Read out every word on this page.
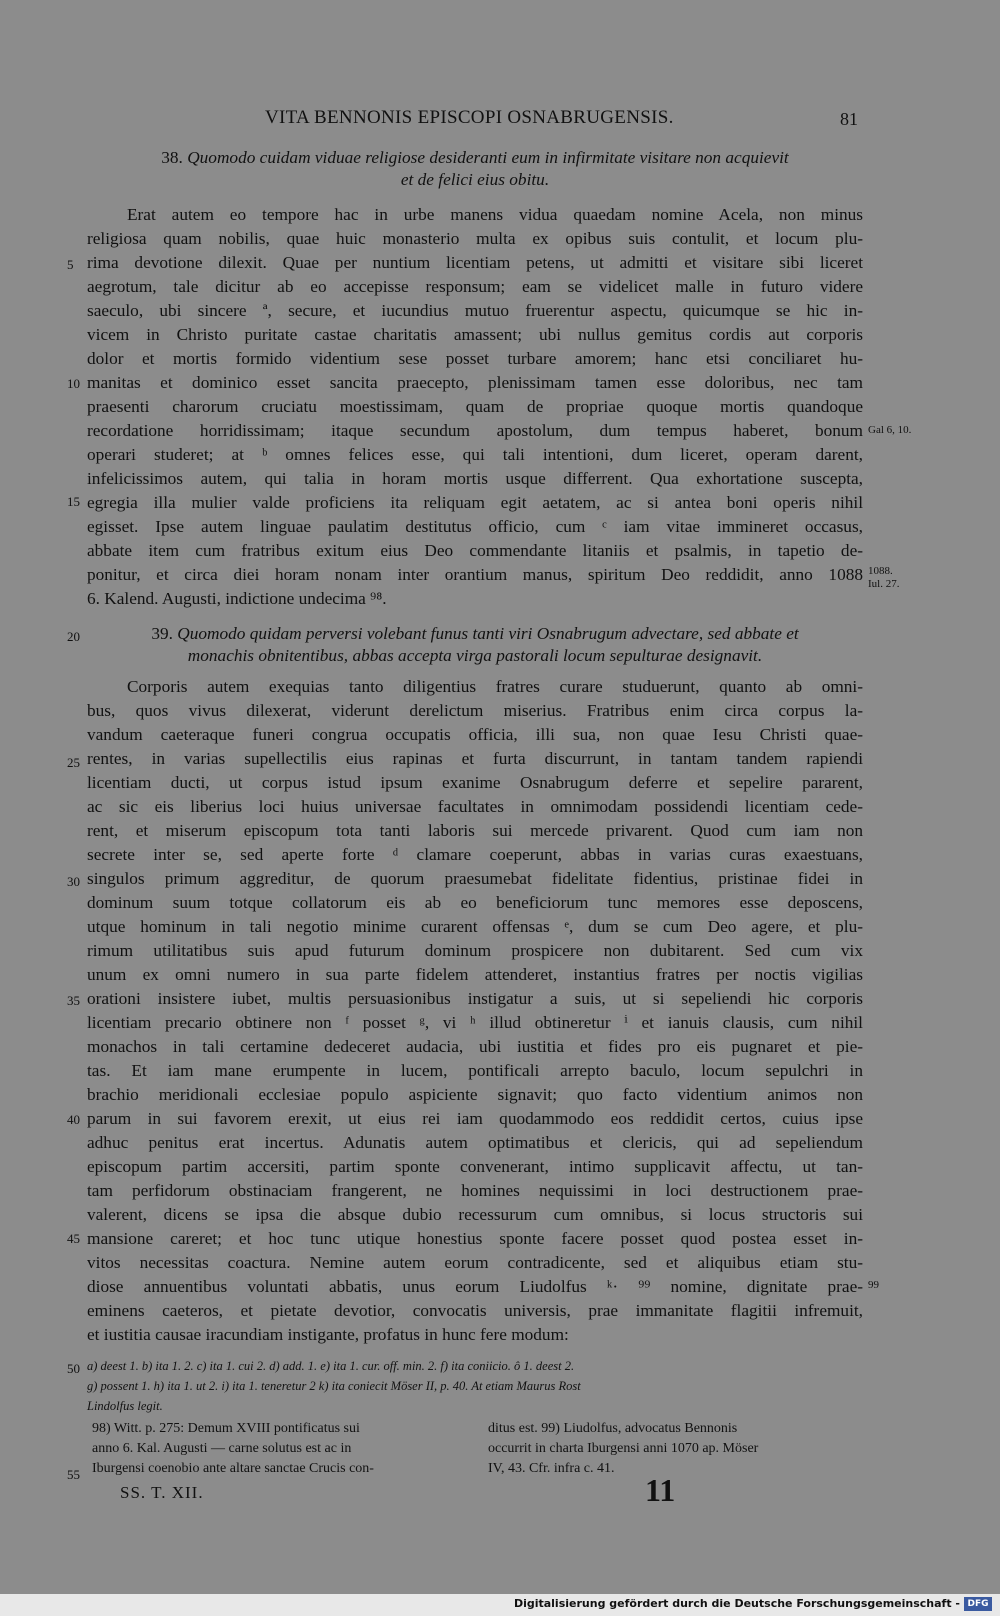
VITA BENNONIS EPISCOPI OSNABRUGENSIS.	81
38. Quomodo cuidam viduae religiose desideranti eum in infirmitate visitare non acquievit
et de felici eius obitu.
Erat autem eo tempore hac in urbe manens vidua quaedam nomine Acela, non minus
religiosa quam nobilis, quae huic monasterio multa ex opibus suis contulit, et locum plu-
rima devotione dilexit. Quae per nuntium licentiam petens, ut admitti et visitare sibi liceret
aegrotum, tale dicitur ab eo accepisse responsum; eam se videlicet malle in futuro videre
saeculo, ubi sincere ª, secure, et iucundius mutuo fruerentur aspectu, quicumque se hic in-
vicem in Christo puritate castae charitatis amassent; ubi nullus gemitus cordis aut corporis
dolor et mortis formido videntium sese posset turbare amorem; hanc etsi conciliaret hu-
manitas et dominico esset sancita praecepto, plenissimam tamen esse doloribus, nec tam
praesenti charorum cruciatu moestissimam, quam de propriae quoque mortis quandoque
recordatione horridissimam; itaque secundum apostolum, dum tempus haberet, bonum
operari studeret; at ᵇ omnes felices esse, qui tali intentioni, dum liceret, operam darent,
infelicissimos autem, qui talia in horam mortis usque differrent. Qua exhortatione suscepta,
egregia illa mulier valde proficiens ita reliquam egit aetatem, ac si antea boni operis nihil
egisset. Ipse autem linguae paulatim destitutus officio, cum ᶜ iam vitae immineret occasus,
abbate item cum fratribus exitum eius Deo commendante litaniis et psalmis, in tapetio de-
ponitur, et circa diei horam nonam inter orantium manus, spiritum Deo reddidit, anno 1088
6. Kalend. Augusti, indictione undecima ⁹⁸.
39. Quomodo quidam perversi volebant funus tanti viri Osnabrugum advectare, sed abbate et
monachis obnitentibus, abbas accepta virga pastorali locum sepulturae designavit.
Corporis autem exequias tanto diligentius fratres curare studuerunt, quanto ab omni-
bus, quos vivus dilexerat, viderunt derelictum miserius. Fratribus enim circa corpus la-
vandum caeteraque funeri congrua occupatis officia, illi sua, non quae Iesu Christi quae-
rentes, in varias supellectilis eius rapinas et furta discurrunt, in tantam tandem rapiendi
licentiam ducti, ut corpus istud ipsum exanime Osnabrugum deferre et sepelire pararent,
ac sic eis liberius loci huius universae facultates in omnimodam possidendi licentiam cede-
rent, et miserum episcopum tota tanti laboris sui mercede privarent. Quod cum iam non
secrete inter se, sed aperte forte ᵈ clamare coeperunt, abbas in varias curas exaestuans,
singulos primum aggreditur, de quorum praesumebat fidelitate fidentius, pristinae fidei in
dominum suum totque collatorum eis ab eo beneficiorum tunc memores esse deposcens,
utque hominum in tali negotio minime curarent offensas ᵉ, dum se cum Deo agere, et plu-
rimum utilitatibus suis apud futurum dominum prospicere non dubitarent. Sed cum vix
unum ex omni numero in sua parte fidelem attenderet, instantius fratres per noctis vigilias
orationi insistere iubet, multis persuasionibus instigatur a suis, ut si sepeliendi hic corporis
licentiam precario obtinere non ᶠ posset ᵍ, vi ʰ illud obtineretur ⁱ et ianuis clausis, cum nihil
monachos in tali certamine dedeceret audacia, ubi iustitia et fides pro eis pugnaret et pie-
tas. Et iam mane erumpente in lucem, pontificali arrepto baculo, locum sepulchri in
brachio meridionali ecclesiae populo aspiciente signavit; quo facto videntium animos non
parum in sui favorem erexit, ut eius rei iam quodammodo eos reddidit certos, cuius ipse
adhuc penitus erat incertus. Adunatis autem optimatibus et clericis, qui ad sepeliendum
episcopum partim accersiti, partim sponte convenerant, intimo supplicavit affectu, ut tan-
tam perfidorum obstinaciam frangerent, ne homines nequissimi in loci destructionem prae-
valerent, dicens se ipsa die absque dubio recessurum cum omnibus, si locus structoris sui
mansione careret; et hoc tunc utique honestius sponte facere posset quod postea esset in-
vitos necessitas coactura. Nemine autem eorum contradicente, sed et aliquibus etiam stu-
diose annuentibus voluntati abbatis, unus eorum Liudolfus ᵏ· ⁹⁹ nomine, dignitate prae-
eminens caeteros, et pietate devotior, convocatis universis, prae immanitate flagitii infremuit,
et iustitia causae iracundiam instigante, profatus in hunc fere modum:
5
10
15
20
25
30
35
40
45
50
55
Gal 6, 10.
1088.
Iul. 27.
99
a) deest 1. b) ita 1. 2. c) ita 1. cui 2. d) add. 1. e) ita 1. cur. off. min. 2. f) ita coniicio. ô 1. deest 2.
g) possent 1. h) ita 1. ut 2. i) ita 1. teneretur 2 k) ita coniecit Möser II, p. 40. At etiam Maurus Rost
Lindolfus legit.
98) Witt. p. 275: Demum XVIII pontificatus sui
anno 6. Kal. Augusti — carne solutus est ac in
Iburgensi coenobio ante altare sanctae Crucis con-
ditus est. 99) Liudolfus, advocatus Bennonis
occurrit in charta Iburgensi anni 1070 ap. Möser
IV, 43. Cfr. infra c. 41.
SS. T. XII.	11
Digitalisierung gefördert durch die Deutsche Forschungsgemeinschaft - DFG
